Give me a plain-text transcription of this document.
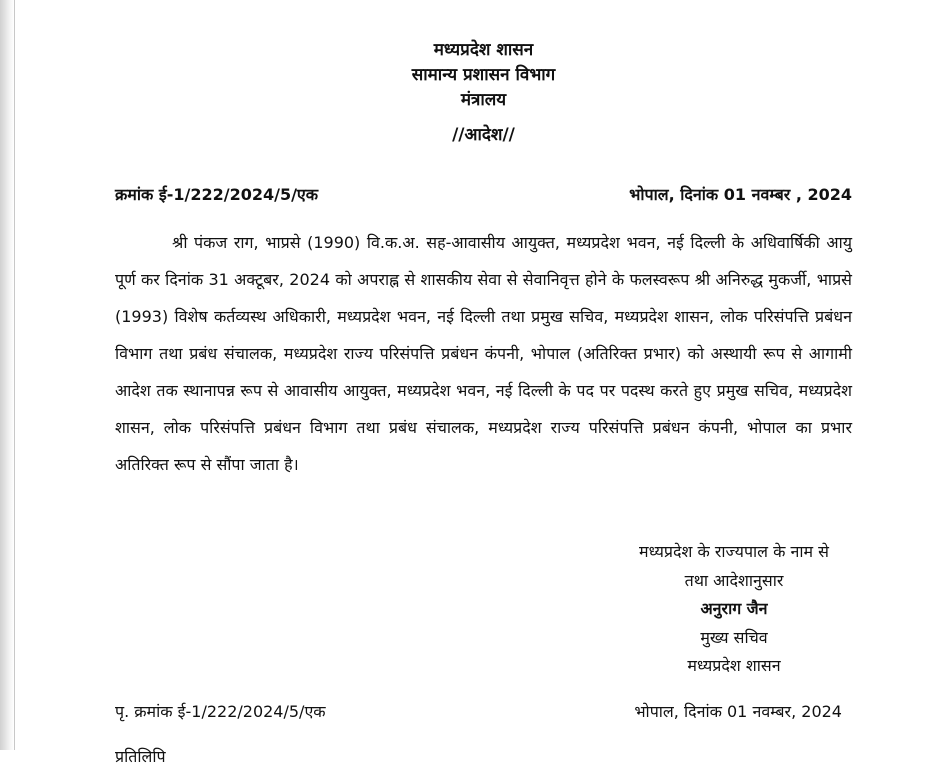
मध्यप्रदेश शासन
सामान्य प्रशासन विभाग
मंत्रालय
//आदेश//
क्रमांक ई-1/222/2024/5/एक	भोपाल, दिनांक 01 नवम्बर , 2024
श्री पंकज राग, भाप्रसे (1990) वि.क.अ. सह-आवासीय आयुक्त, मध्यप्रदेश भवन, नई दिल्ली के अधिवार्षिकी आयु पूर्ण कर दिनांक 31 अक्टूबर, 2024 को अपराह्न से शासकीय सेवा से सेवानिवृत्त होने के फलस्वरूप श्री अनिरुद्ध मुकर्जी, भाप्रसे (1993) विशेष कर्तव्यस्थ अधिकारी, मध्यप्रदेश भवन, नई दिल्ली तथा प्रमुख सचिव, मध्यप्रदेश शासन, लोक परिसंपत्ति प्रबंधन विभाग तथा प्रबंध संचालक, मध्यप्रदेश राज्य परिसंपत्ति प्रबंधन कंपनी, भोपाल (अतिरिक्त प्रभार) को अस्थायी रूप से आगामी आदेश तक स्थानापन्न रूप से आवासीय आयुक्त, मध्यप्रदेश भवन, नई दिल्ली के पद पर पदस्थ करते हुए प्रमुख सचिव, मध्यप्रदेश शासन, लोक परिसंपत्ति प्रबंधन विभाग तथा प्रबंध संचालक, मध्यप्रदेश राज्य परिसंपत्ति प्रबंधन कंपनी, भोपाल का प्रभार अतिरिक्त रूप से सौंपा जाता है।
मध्यप्रदेश के राज्यपाल के नाम से
तथा आदेशानुसार
अनुराग जैन
मुख्य सचिव
मध्यप्रदेश शासन
पृ. क्रमांक ई-1/222/2024/5/एक	भोपाल, दिनांक 01 नवम्बर, 2024
प्रतिलिपि
